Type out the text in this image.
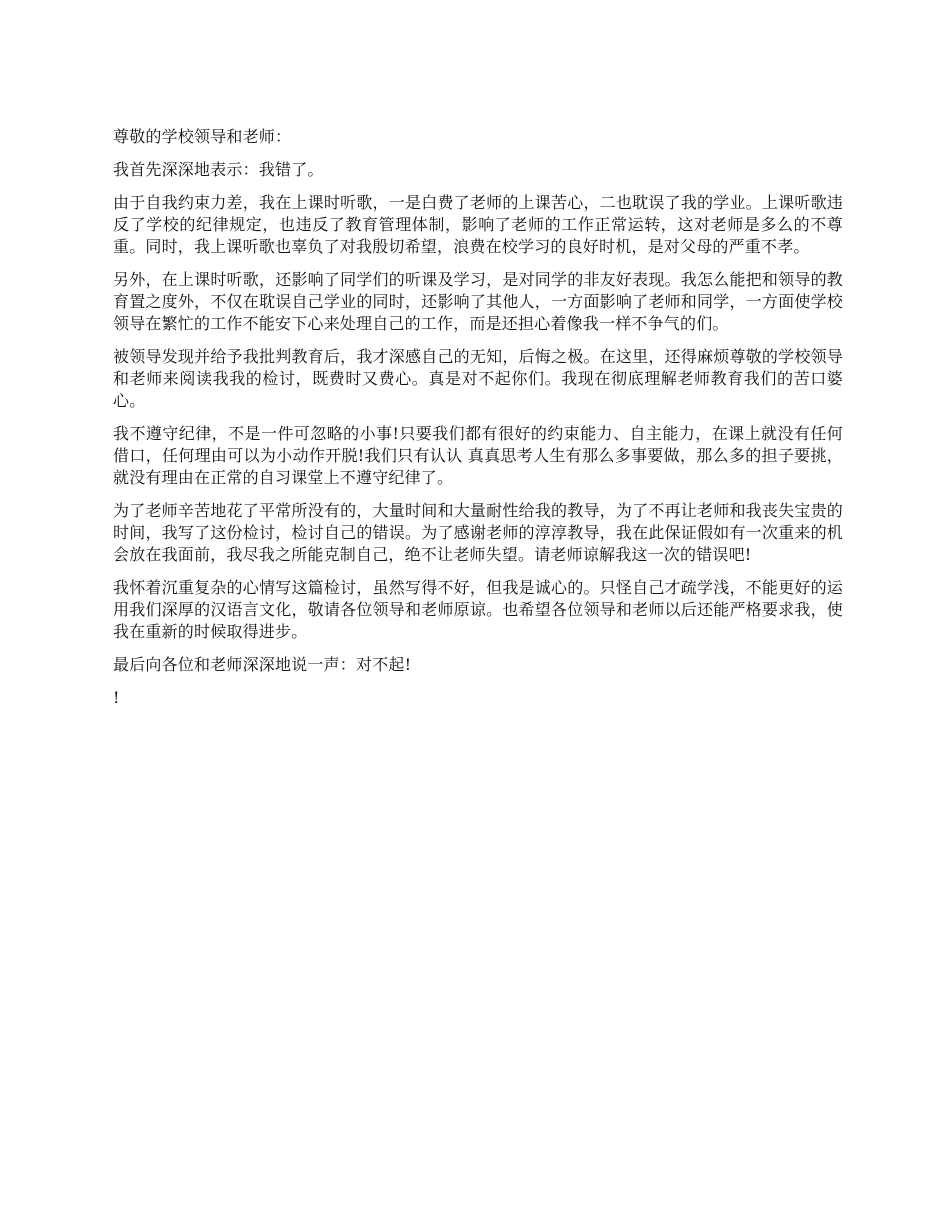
尊敬的学校领导和老师：

我首先深深地表示：我错了。

由于自我约束力差，我在上课时听歌，一是白费了老师的上课苦心，二也耽误了我的学业。上课听歌违反了学校的纪律规定，也违反了教育管理体制，影响了老师的工作正常运转，这对老师是多么的不尊重。同时，我上课听歌也辜负了对我殷切希望，浪费在校学习的良好时机，是对父母的严重不孝。

另外，在上课时听歌，还影响了同学们的听课及学习，是对同学的非友好表现。我怎么能把和领导的教育置之度外，不仅在耽误自己学业的同时，还影响了其他人，一方面影响了老师和同学，一方面使学校领导在繁忙的工作不能安下心来处理自己的工作，而是还担心着像我一样不争气的们。

被领导发现并给予我批判教育后，我才深感自己的无知，后悔之极。在这里，还得麻烦尊敬的学校领导和老师来阅读我我的检讨，既费时又费心。真是对不起你们。我现在彻底理解老师教育我们的苦口婆心。

我不遵守纪律，不是一件可忽略的小事!只要我们都有很好的约束能力、自主能力，在课上就没有任何借口，任何理由可以为小动作开脱!我们只有认认 真真思考人生有那么多事要做，那么多的担子要挑，就没有理由在正常的自习课堂上不遵守纪律了。

为了老师辛苦地花了平常所没有的，大量时间和大量耐性给我的教导，为了不再让老师和我丧失宝贵的时间，我写了这份检讨，检讨自己的错误。为了感谢老师的淳淳教导，我在此保证假如有一次重来的机会放在我面前，我尽我之所能克制自己，绝不让老师失望。请老师谅解我这一次的错误吧!

我怀着沉重复杂的心情写这篇检讨，虽然写得不好，但我是诚心的。只怪自己才疏学浅，不能更好的运用我们深厚的汉语言文化，敬请各位领导和老师原谅。也希望各位领导和老师以后还能严格要求我，使我在重新的时候取得进步。

最后向各位和老师深深地说一声：对不起!

!
